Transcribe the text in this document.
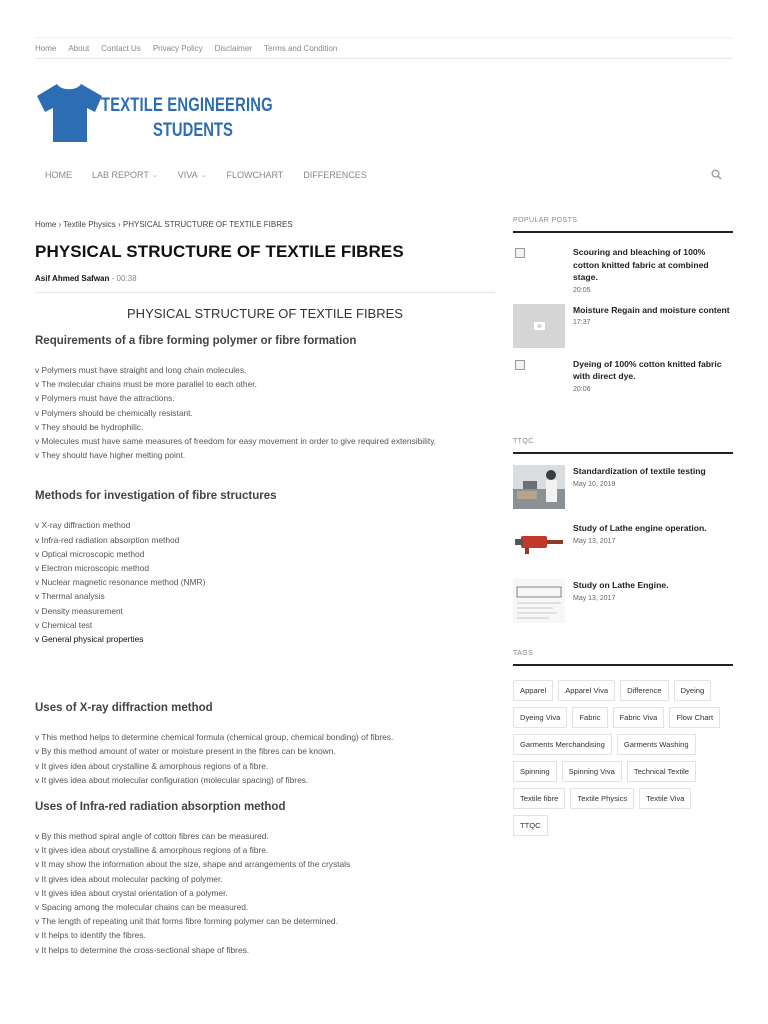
Home About Contact Us Privacy Policy Disclaimer Terms and Condition
TEXTILE ENGINEERING
STUDENTS
HOME LAB REPORT ⌄ VIVA ⌄ FLOWCHART DIFFERENCES
Home › Textile Physics › PHYSICAL STRUCTURE OF TEXTILE FIBRES
PHYSICAL STRUCTURE OF TEXTILE FIBRES
Asif Ahmed Safwan - 00:38
PHYSICAL STRUCTURE OF TEXTILE FIBRES
Requirements of a fibre forming polymer or fibre formation
v Polymers must have straight and long chain molecules.
v The molecular chains must be more parallel to each other.
v Polymers must have the attractions.
v Polymers should be chemically resistant.
v They should be hydrophilic.
v Molecules must have same measures of freedom for easy movement in order to give required extensibility.
v They should have higher melting point.
Methods for investigation of fibre structures
v X-ray diffraction method
v Infra-red radiation absorption method
v Optical microscopic method
v Electron microscopic method
v Nuclear magnetic resonance method (NMR)
v Thermal analysis
v Density measurement
v Chemical test
v General physical properties
Uses of X-ray diffraction method
v This method helps to determine chemical formula (chemical group, chemical bonding) of fibres.
v By this method amount of water or moisture present in the fibres can be known.
v It gives idea about crystalline & amorphous regions of a fibre.
v It gives idea about molecular configuration (molecular spacing) of fibres.
Uses of Infra-red radiation absorption method
v By this method spiral angle of cotton fibres can be measured.
v It gives idea about crystalline & amorphous regions of a fibre.
v It may show the information about the size, shape and arrangements of the crystals
v It gives idea about molecular packing of polymer.
v It gives idea about crystal orientation of a polymer.
v Spacing among the molecular chains can be measured.
v The length of repeating unit that forms fibre forming polymer can be determined.
v It helps to identify the fibres.
v It helps to determine the cross-sectional shape of fibres.
POPULAR POSTS
Scouring and bleaching of 100% cotton knitted fabric at combined stage.
20:05
Moisture Regain and moisture content
17:37
Dyeing of 100% cotton knitted fabric with direct dye.
20:06
TTQC
Standardization of textile testing
May 10, 2019
Study of Lathe engine operation.
May 13, 2017
Study on Lathe Engine.
May 13, 2017
TAGS
Apparel	Apparel Viva	Difference	Dyeing
Dyeing Viva	Fabric	Fabric Viva	Flow Chart
Garments Merchandising	Garments Washing
Spinning	Spinning Viva	Technical Textile
Textile fibre	Textile Physics	Textile Viva
TTQC
